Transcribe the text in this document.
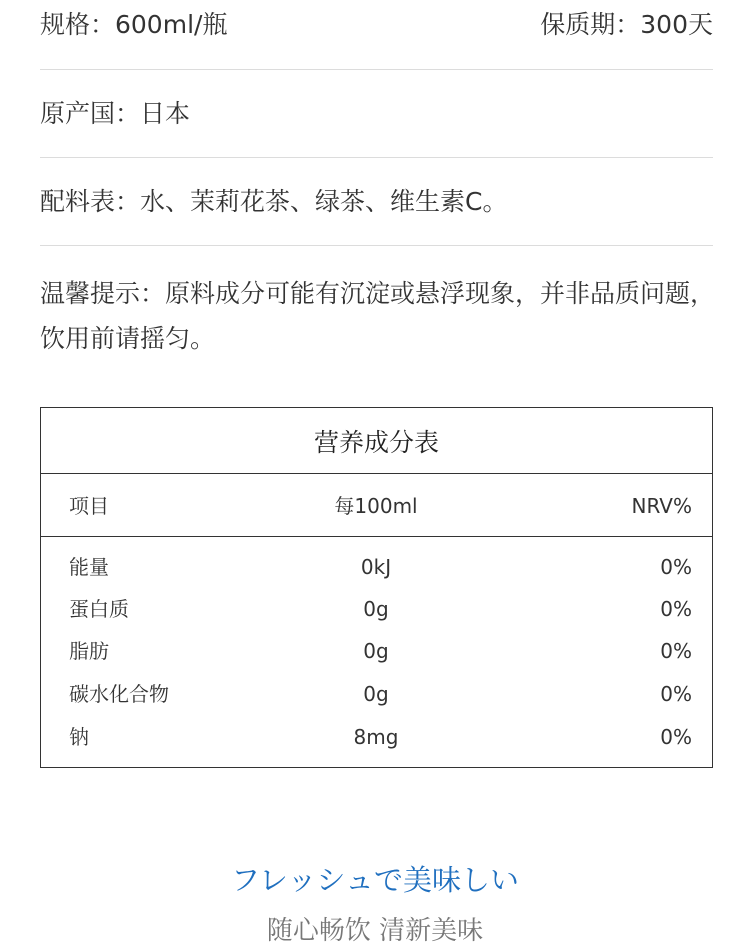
规格：600ml/瓶	保质期：300天
原产国：日本
配料表：水、茉莉花茶、绿茶、维生素C。
温馨提示：原料成分可能有沉淀或悬浮现象，并非品质问题，饮用前请摇匀。
营养成分表
项目	每100ml	NRV%
能量	0kJ	0%
蛋白质	0g	0%
脂肪	0g	0%
碳水化合物	0g	0%
钠	8mg	0%
フレッシュで美味しい
随心畅饮 清新美味
